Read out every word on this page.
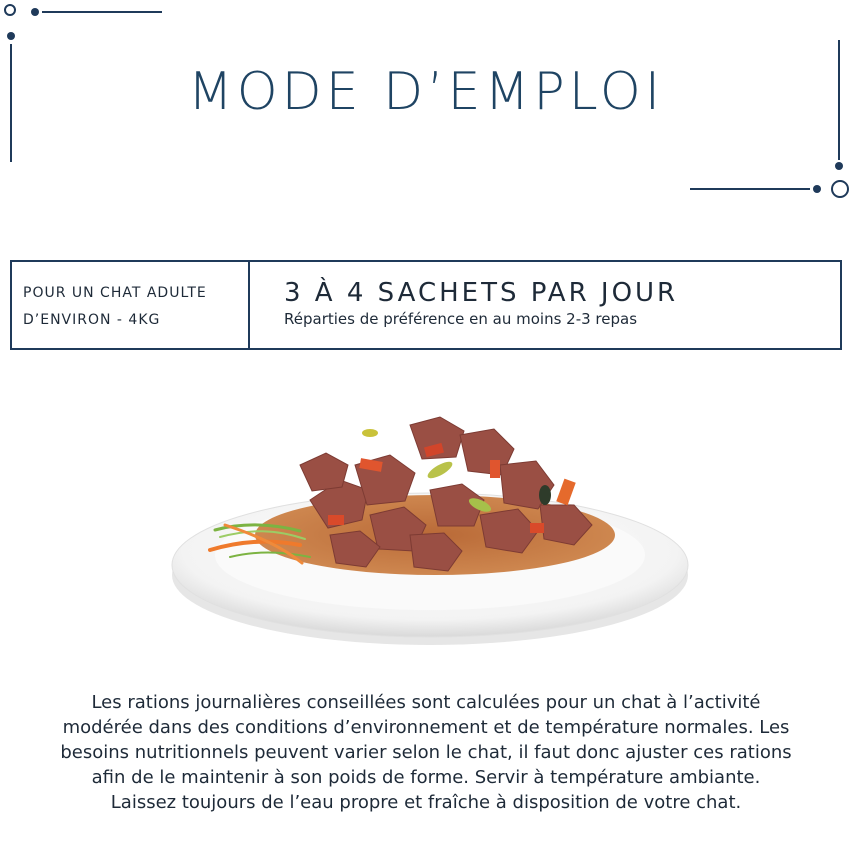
MODE D’EMPLOI
POUR UN CHAT ADULTE
D’ENVIRON - 4KG
3 À 4 SACHETS PAR JOUR
Réparties de préférence en au moins 2-3 repas

Les rations journalières conseillées sont calculées pour un chat à l’activité modérée dans des conditions d’environnement et de température normales. Les besoins nutritionnels peuvent varier selon le chat, il faut donc ajuster ces rations afin de le maintenir à son poids de forme. Servir à température ambiante. Laissez toujours de l’eau propre et fraîche à disposition de votre chat.
